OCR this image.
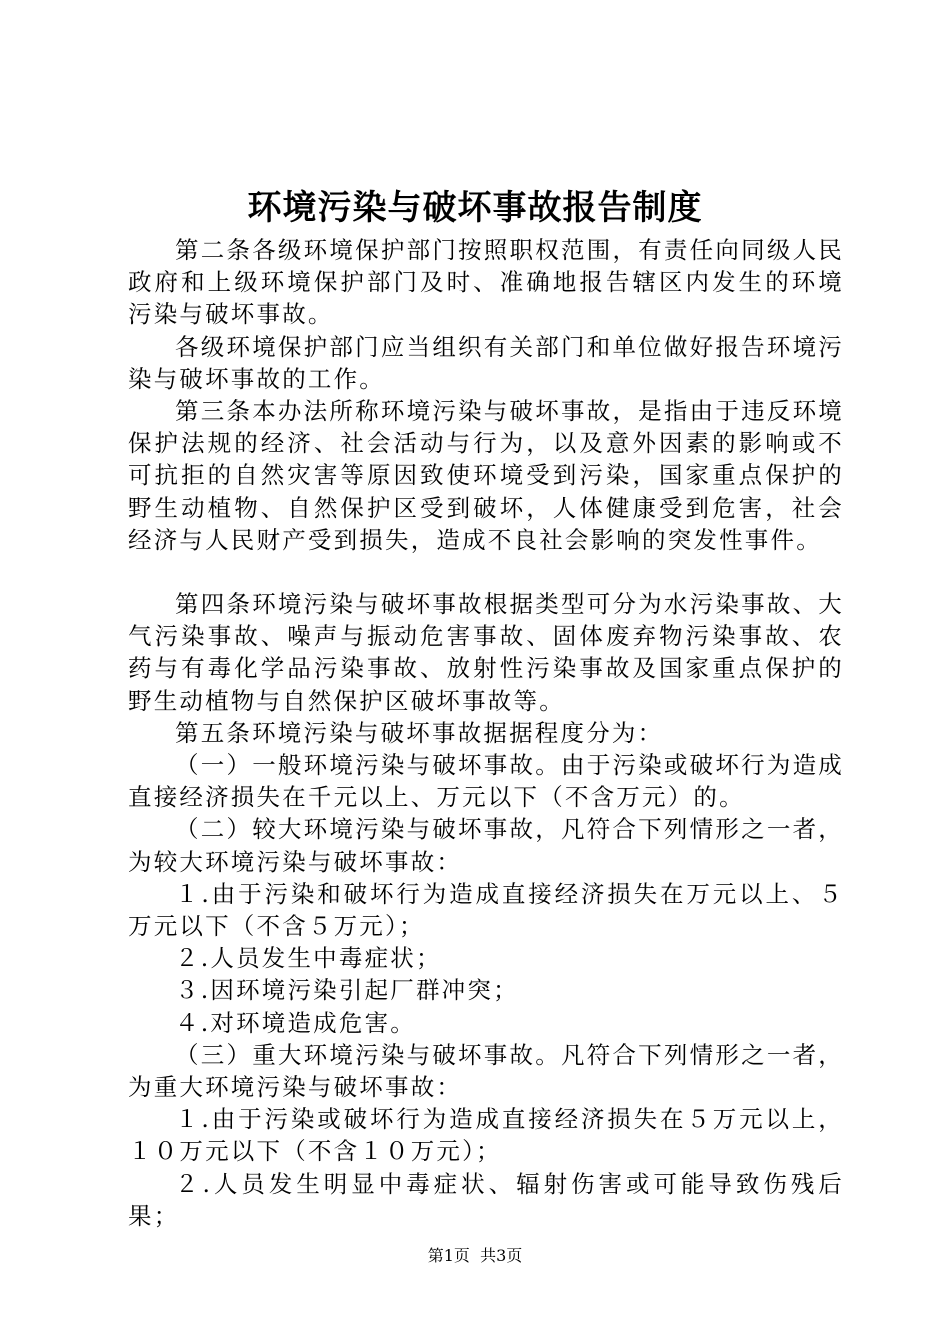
环境污染与破坏事故报告制度

第二条各级环境保护部门按照职权范围，有责任向同级人民政府和上级环境保护部门及时、准确地报告辖区内发生的环境污染与破坏事故。

各级环境保护部门应当组织有关部门和单位做好报告环境污染与破坏事故的工作。

第三条本办法所称环境污染与破坏事故，是指由于违反环境保护法规的经济、社会活动与行为，以及意外因素的影响或不可抗拒的自然灾害等原因致使环境受到污染，国家重点保护的野生动植物、自然保护区受到破坏，人体健康受到危害，社会经济与人民财产受到损失，造成不良社会影响的突发性事件。

第四条环境污染与破坏事故根据类型可分为水污染事故、大气污染事故、噪声与振动危害事故、固体废弃物污染事故、农药与有毒化学品污染事故、放射性污染事故及国家重点保护的野生动植物与自然保护区破坏事故等。

第五条环境污染与破坏事故据据程度分为：

（一）一般环境污染与破坏事故。由于污染或破坏行为造成直接经济损失在千元以上、万元以下（不含万元）的。

（二）较大环境污染与破坏事故，凡符合下列情形之一者，为较大环境污染与破坏事故：

１.由于污染和破坏行为造成直接经济损失在万元以上、５万元以下（不含５万元）；

２.人员发生中毒症状；

３.因环境污染引起厂群冲突；

４.对环境造成危害。

（三）重大环境污染与破坏事故。凡符合下列情形之一者，为重大环境污染与破坏事故：

１.由于污染或破坏行为造成直接经济损失在５万元以上，１０万元以下（不含１０万元）；

２.人员发生明显中毒症状、辐射伤害或可能导致伤残后果；

第1页  共3页
